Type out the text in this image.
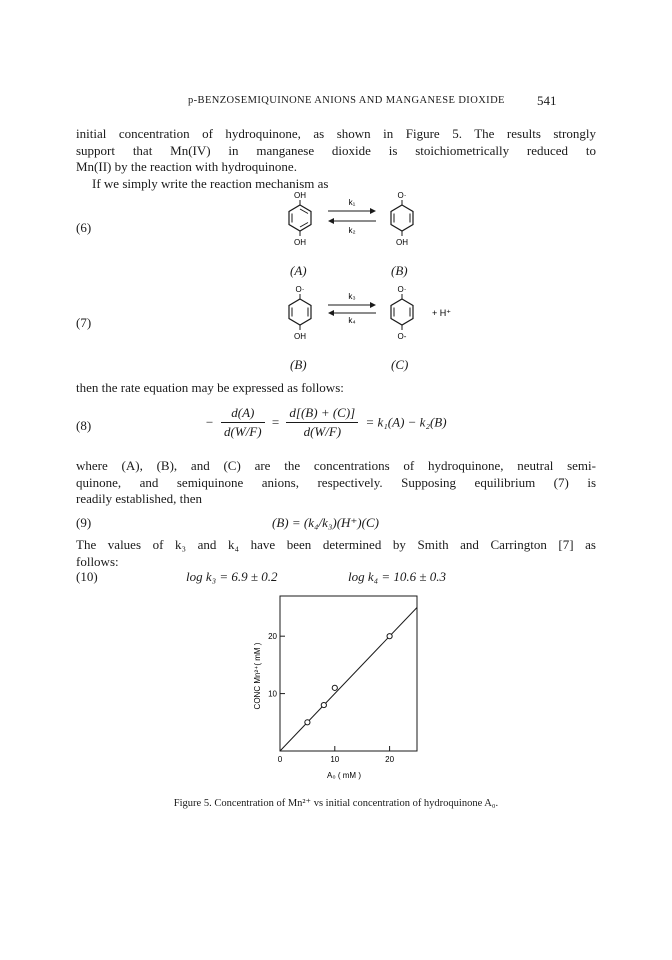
p-BENZOSEMIQUINONE ANIONS AND MANGANESE DIOXIDE 541
initial concentration of hydroquinone, as shown in Figure 5. The results strongly
support that Mn(IV) in manganese dioxide is stoichiometrically reduced to
Mn(II) by the reaction with hydroquinone.
If we simply write the reaction mechanism as
(6)
OH
OH
k₁
k₂
O·
OH
(A)	(B)
(7)
O·
OH
k₃
k₄
O·
O-
+ H⁺
(B)	(C)
then the rate equation may be expressed as follows:
(8)	− $\frac{d(A)}{d(W/F)} = \frac{d[(B) + (C)]}{d(W/F)} = k_1(A) - k_2(B)$
where (A), (B), and (C) are the concentrations of hydroquinone, neutral semi-
quinone, and semiquinone anions, respectively. Supposing equilibrium (7) is
readily established, then
(9)	(B) = (k₄/k₃)(H⁺)(C)
The values of k₃ and k₄ have been determined by Smith and Carrington [7] as
follows:
(10)	log k₃ = 6.9 ± 0.2	log k₄ = 10.6 ± 0.3
0	10	20
10
20
A₀ ( mM )
CONC Mn²⁺( mM )
Figure 5. Concentration of Mn²⁺ vs initial concentration of hydroquinone A₀.
